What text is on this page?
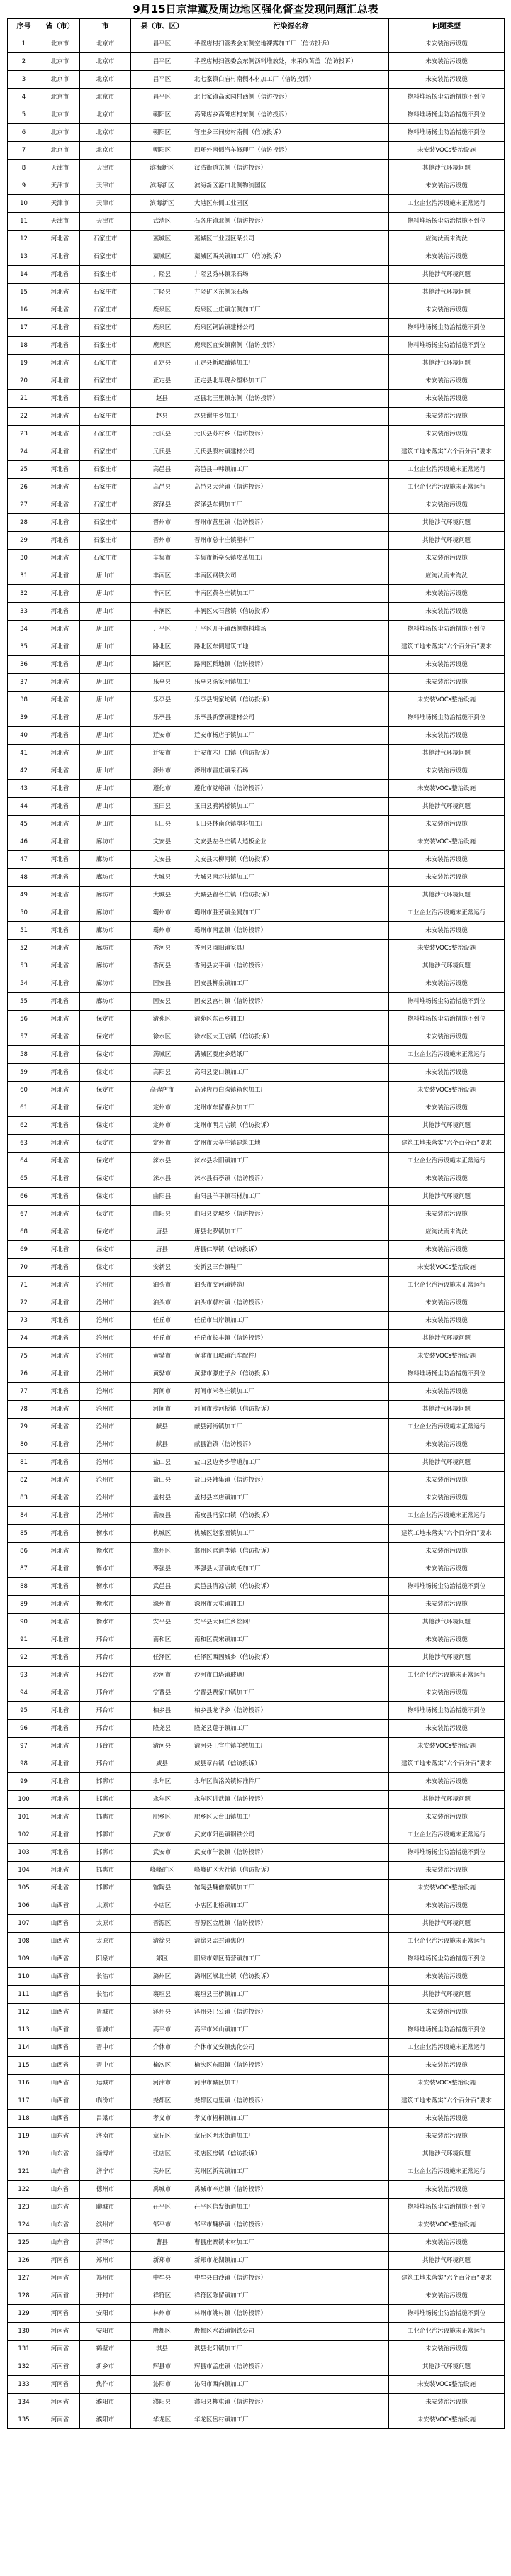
9月15日京津冀及周边地区强化督查发现问题汇总表
序号	省（市）	市	县（市、区）	污染源名称	问题类型
1	北京市	北京市	昌平区	半壁店村扫管委会东侧空地裸露加工厂（信访投诉）	未安装治污设施
2	北京市	北京市	昌平区	半壁店村扫管委会东侧沥料堆放处，未采取苫盖（信访投诉）	未安装治污设施
3	北京市	北京市	昌平区	北七家镇白庙村南侧木材加工厂（信访投诉）	未安装治污设施
4	北京市	北京市	昌平区	北七家镇高家园村西侧（信访投诉）	物料堆场扬尘防治措施不到位
5	北京市	北京市	朝阳区	高碑店乡高碑店村东侧（信访投诉）	物料堆场扬尘防治措施不到位
6	北京市	北京市	朝阳区	管庄乡三间房村南侧（信访投诉）	物料堆场扬尘防治措施不到位
7	北京市	北京市	朝阳区	四环外南侧汽车修理厂（信访投诉）	未安装VOCs整治设施
8	天津市	天津市	滨海新区	汉沽街道东侧（信访投诉）	其他涉气环境问题
9	天津市	天津市	滨海新区	滨海新区港口北侧物流园区	未安装治污设施
10	天津市	天津市	滨海新区	大港区东侧工业园区	工业企业治污设施未正常运行
11	天津市	天津市	武清区	石各庄镇北侧（信访投诉）	物料堆场扬尘防治措施不到位
12	河北省	石家庄市	藁城区	藁城区工业园区某公司	应淘汰而未淘汰
13	河北省	石家庄市	藁城区	藁城区西关镇加工厂（信访投诉）	未安装治污设施
14	河北省	石家庄市	井陉县	井陉县秀林镇采石场	其他涉气环境问题
15	河北省	石家庄市	井陉县	井陉矿区东侧采石场	其他涉气环境问题
16	河北省	石家庄市	鹿泉区	鹿泉区上庄镇东侧加工厂	未安装治污设施
17	河北省	石家庄市	鹿泉区	鹿泉区铜冶镇建材公司	物料堆场扬尘防治措施不到位
18	河北省	石家庄市	鹿泉区	鹿泉区宜安镇南侧（信访投诉）	物料堆场扬尘防治措施不到位
19	河北省	石家庄市	正定县	正定县新城铺镇加工厂	其他涉气环境问题
20	河北省	石家庄市	正定县	正定县北早现乡塑料加工厂	未安装治污设施
21	河北省	石家庄市	赵县	赵县北王里镇东侧（信访投诉）	未安装治污设施
22	河北省	石家庄市	赵县	赵县谢庄乡加工厂	未安装治污设施
23	河北省	石家庄市	元氏县	元氏县苏村乡（信访投诉）	未安装治污设施
24	河北省	石家庄市	元氏县	元氏县殷村镇建材公司	建筑工地未落实“六个百分百”要求
25	河北省	石家庄市	高邑县	高邑县中韩镇加工厂	工业企业治污设施未正常运行
26	河北省	石家庄市	高邑县	高邑县大营镇（信访投诉）	工业企业治污设施未正常运行
27	河北省	石家庄市	深泽县	深泽县东侧加工厂	未安装治污设施
28	河北省	石家庄市	晋州市	晋州市营里镇（信访投诉）	其他涉气环境问题
29	河北省	石家庄市	晋州市	晋州市总十庄镇塑料厂	其他涉气环境问题
30	河北省	石家庄市	辛集市	辛集市新垒头镇皮革加工厂	未安装治污设施
31	河北省	唐山市	丰南区	丰南区钢铁公司	应淘汰而未淘汰
32	河北省	唐山市	丰南区	丰南区黄各庄镇加工厂	未安装治污设施
33	河北省	唐山市	丰润区	丰润区火石营镇（信访投诉）	未安装治污设施
34	河北省	唐山市	开平区	开平区开平镇西侧物料堆场	物料堆场扬尘防治措施不到位
35	河北省	唐山市	路北区	路北区东侧建筑工地	建筑工地未落实“六个百分百”要求
36	河北省	唐山市	路南区	路南区稻地镇（信访投诉）	未安装治污设施
37	河北省	唐山市	乐亭县	乐亭县汤家河镇加工厂	未安装治污设施
38	河北省	唐山市	乐亭县	乐亭县胡家坨镇（信访投诉）	未安装VOCs整治设施
39	河北省	唐山市	乐亭县	乐亭县新寨镇建材公司	物料堆场扬尘防治措施不到位
40	河北省	唐山市	迁安市	迁安市杨店子镇加工厂	未安装治污设施
41	河北省	唐山市	迁安市	迁安市木厂口镇（信访投诉）	其他涉气环境问题
42	河北省	唐山市	滦州市	滦州市雷庄镇采石场	未安装治污设施
43	河北省	唐山市	遵化市	遵化市党峪镇（信访投诉）	未安装VOCs整治设施
44	河北省	唐山市	玉田县	玉田县鸦鸿桥镇加工厂	其他涉气环境问题
45	河北省	唐山市	玉田县	玉田县林南仓镇塑料加工厂	未安装治污设施
46	河北省	廊坊市	文安县	文安县左各庄镇人造板企业	未安装VOCs整治设施
47	河北省	廊坊市	文安县	文安县大柳河镇（信访投诉）	未安装治污设施
48	河北省	廊坊市	大城县	大城县南赵扶镇加工厂	未安装治污设施
49	河北省	廊坊市	大城县	大城县留各庄镇（信访投诉）	其他涉气环境问题
50	河北省	廊坊市	霸州市	霸州市胜芳镇金属加工厂	工业企业治污设施未正常运行
51	河北省	廊坊市	霸州市	霸州市南孟镇（信访投诉）	未安装治污设施
52	河北省	廊坊市	香河县	香河县淑阳镇家具厂	未安装VOCs整治设施
53	河北省	廊坊市	香河县	香河县安平镇（信访投诉）	其他涉气环境问题
54	河北省	廊坊市	固安县	固安县柳泉镇加工厂	未安装治污设施
55	河北省	廊坊市	固安县	固安县宫村镇（信访投诉）	物料堆场扬尘防治措施不到位
56	河北省	保定市	清苑区	清苑区东吕乡加工厂	物料堆场扬尘防治措施不到位
57	河北省	保定市	徐水区	徐水区大王店镇（信访投诉）	未安装治污设施
58	河北省	保定市	满城区	满城区要庄乡造纸厂	工业企业治污设施未正常运行
59	河北省	保定市	高阳县	高阳县庞口镇加工厂	未安装治污设施
60	河北省	保定市	高碑店市	高碑店市白沟镇箱包加工厂	未安装VOCs整治设施
61	河北省	保定市	定州市	定州市东留春乡加工厂	未安装治污设施
62	河北省	保定市	定州市	定州市明月店镇（信访投诉）	其他涉气环境问题
63	河北省	保定市	定州市	定州市大辛庄镇建筑工地	建筑工地未落实“六个百分百”要求
64	河北省	保定市	涞水县	涞水县永阳镇加工厂	工业企业治污设施未正常运行
65	河北省	保定市	涞水县	涞水县石亭镇（信访投诉）	未安装治污设施
66	河北省	保定市	曲阳县	曲阳县羊平镇石材加工厂	其他涉气环境问题
67	河北省	保定市	曲阳县	曲阳县党城乡（信访投诉）	未安装治污设施
68	河北省	保定市	唐县	唐县北罗镇加工厂	应淘汰而未淘汰
69	河北省	保定市	唐县	唐县仁厚镇（信访投诉）	未安装治污设施
70	河北省	保定市	安新县	安新县三台镇鞋厂	未安装VOCs整治设施
71	河北省	沧州市	泊头市	泊头市交河镇铸造厂	工业企业治污设施未正常运行
72	河北省	沧州市	泊头市	泊头市郝村镇（信访投诉）	未安装治污设施
73	河北省	沧州市	任丘市	任丘市出岸镇加工厂	未安装治污设施
74	河北省	沧州市	任丘市	任丘市长丰镇（信访投诉）	其他涉气环境问题
75	河北省	沧州市	黄骅市	黄骅市旧城镇汽车配件厂	未安装VOCs整治设施
76	河北省	沧州市	黄骅市	黄骅市滕庄子乡（信访投诉）	物料堆场扬尘防治措施不到位
77	河北省	沧州市	河间市	河间市米各庄镇加工厂	未安装治污设施
78	河北省	沧州市	河间市	河间市沙河桥镇（信访投诉）	其他涉气环境问题
79	河北省	沧州市	献县	献县河街镇加工厂	工业企业治污设施未正常运行
80	河北省	沧州市	献县	献县淮镇（信访投诉）	未安装治污设施
81	河北省	沧州市	盐山县	盐山县边务乡管道加工厂	其他涉气环境问题
82	河北省	沧州市	盐山县	盐山县韩集镇（信访投诉）	未安装治污设施
83	河北省	沧州市	孟村县	孟村县辛店镇加工厂	未安装治污设施
84	河北省	沧州市	南皮县	南皮县冯家口镇（信访投诉）	工业企业治污设施未正常运行
85	河北省	衡水市	桃城区	桃城区赵家圈镇加工厂	建筑工地未落实“六个百分百”要求
86	河北省	衡水市	冀州区	冀州区官道李镇（信访投诉）	未安装治污设施
87	河北省	衡水市	枣强县	枣强县大营镇皮毛加工厂	未安装治污设施
88	河北省	衡水市	武邑县	武邑县清凉店镇（信访投诉）	物料堆场扬尘防治措施不到位
89	河北省	衡水市	深州市	深州市大屯镇加工厂	未安装治污设施
90	河北省	衡水市	安平县	安平县大何庄乡丝网厂	其他涉气环境问题
91	河北省	邢台市	南和区	南和区贾宋镇加工厂	未安装治污设施
92	河北省	邢台市	任泽区	任泽区西固城乡（信访投诉）	其他涉气环境问题
93	河北省	邢台市	沙河市	沙河市白塔镇玻璃厂	工业企业治污设施未正常运行
94	河北省	邢台市	宁晋县	宁晋县贾家口镇加工厂	未安装治污设施
95	河北省	邢台市	柏乡县	柏乡县龙华乡（信访投诉）	物料堆场扬尘防治措施不到位
96	河北省	邢台市	隆尧县	隆尧县莲子镇加工厂	未安装治污设施
97	河北省	邢台市	清河县	清河县王官庄镇羊绒加工厂	未安装VOCs整治设施
98	河北省	邢台市	威县	威县章台镇（信访投诉）	建筑工地未落实“六个百分百”要求
99	河北省	邯郸市	永年区	永年区临洺关镇标准件厂	未安装治污设施
100	河北省	邯郸市	永年区	永年区讲武镇（信访投诉）	其他涉气环境问题
101	河北省	邯郸市	肥乡区	肥乡区天台山镇加工厂	未安装治污设施
102	河北省	邯郸市	武安市	武安市阳邑镇钢铁公司	工业企业治污设施未正常运行
103	河北省	邯郸市	武安市	武安市午汲镇（信访投诉）	物料堆场扬尘防治措施不到位
104	河北省	邯郸市	峰峰矿区	峰峰矿区大社镇（信访投诉）	未安装治污设施
105	河北省	邯郸市	馆陶县	馆陶县魏僧寨镇加工厂	未安装VOCs整治设施
106	山西省	太原市	小店区	小店区北格镇加工厂	未安装治污设施
107	山西省	太原市	晋源区	晋源区金胜镇（信访投诉）	其他涉气环境问题
108	山西省	太原市	清徐县	清徐县孟封镇焦化厂	工业企业治污设施未正常运行
109	山西省	阳泉市	郊区	阳泉市郊区荫营镇加工厂	物料堆场扬尘防治措施不到位
110	山西省	长治市	潞州区	潞州区堠北庄镇（信访投诉）	未安装治污设施
111	山西省	长治市	襄垣县	襄垣县王桥镇加工厂	其他涉气环境问题
112	山西省	晋城市	泽州县	泽州县巴公镇（信访投诉）	未安装治污设施
113	山西省	晋城市	高平市	高平市米山镇加工厂	物料堆场扬尘防治措施不到位
114	山西省	晋中市	介休市	介休市义安镇焦化公司	工业企业治污设施未正常运行
115	山西省	晋中市	榆次区	榆次区东阳镇（信访投诉）	未安装治污设施
116	山西省	运城市	河津市	河津市城区加工厂	未安装VOCs整治设施
117	山西省	临汾市	尧都区	尧都区屯里镇（信访投诉）	建筑工地未落实“六个百分百”要求
118	山西省	吕梁市	孝义市	孝义市梧桐镇加工厂	未安装治污设施
119	山东省	济南市	章丘区	章丘区明水街道加工厂	未安装治污设施
120	山东省	淄博市	张店区	张店区房镇（信访投诉）	其他涉气环境问题
121	山东省	济宁市	兖州区	兖州区新兖镇加工厂	工业企业治污设施未正常运行
122	山东省	德州市	禹城市	禹城市辛店镇（信访投诉）	未安装治污设施
123	山东省	聊城市	茌平区	茌平区信发街道加工厂	物料堆场扬尘防治措施不到位
124	山东省	滨州市	邹平市	邹平市魏桥镇（信访投诉）	未安装VOCs整治设施
125	山东省	菏泽市	曹县	曹县庄寨镇木材加工厂	未安装治污设施
126	河南省	郑州市	新郑市	新郑市龙湖镇加工厂	其他涉气环境问题
127	河南省	郑州市	中牟县	中牟县白沙镇（信访投诉）	建筑工地未落实“六个百分百”要求
128	河南省	开封市	祥符区	祥符区陈留镇加工厂	未安装治污设施
129	河南省	安阳市	林州市	林州市姚村镇（信访投诉）	物料堆场扬尘防治措施不到位
130	河南省	安阳市	殷都区	殷都区水冶镇钢铁公司	工业企业治污设施未正常运行
131	河南省	鹤壁市	淇县	淇县北阳镇加工厂	未安装治污设施
132	河南省	新乡市	辉县市	辉县市孟庄镇（信访投诉）	其他涉气环境问题
133	河南省	焦作市	沁阳市	沁阳市西向镇加工厂	未安装VOCs整治设施
134	河南省	濮阳市	濮阳县	濮阳县柳屯镇（信访投诉）	未安装治污设施
135	河南省	濮阳市	华龙区	华龙区岳村镇加工厂	未安装VOCs整治设施
